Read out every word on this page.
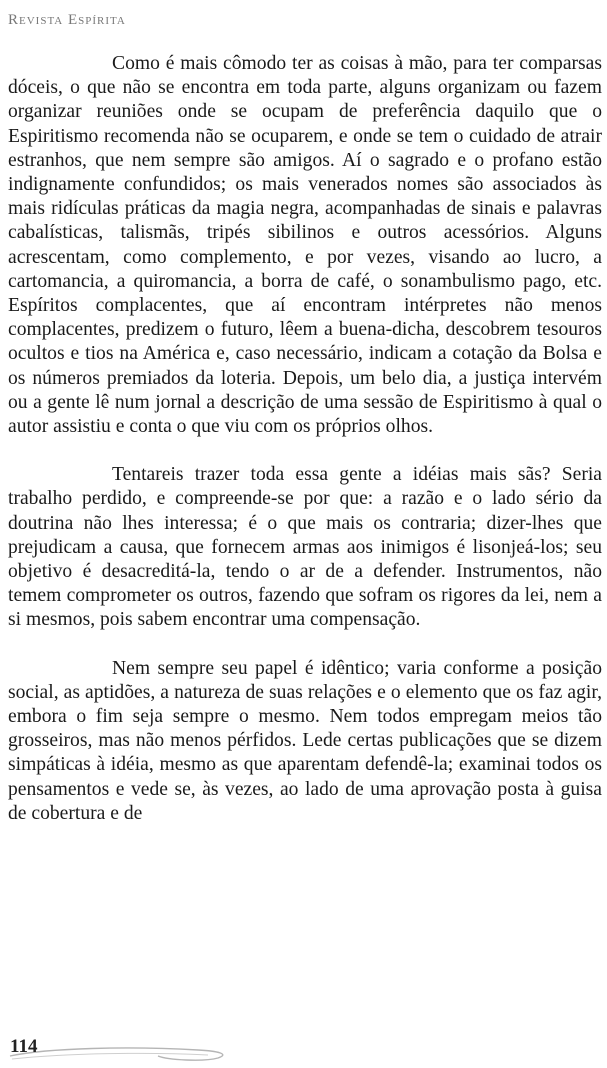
Revista Espírita

Como é mais cômodo ter as coisas à mão, para ter comparsas dóceis, o que não se encontra em toda parte, alguns organizam ou fazem organizar reuniões onde se ocupam de preferência daquilo que o Espiritismo recomenda não se ocuparem, e onde se tem o cuidado de atrair estranhos, que nem sempre são amigos. Aí o sagrado e o profano estão indignamente confundidos; os mais venerados nomes são associados às mais ridículas práticas da magia negra, acompanhadas de sinais e palavras cabalísticas, talismãs, tripés sibilinos e outros acessórios. Alguns acrescentam, como complemento, e por vezes, visando ao lucro, a cartomancia, a quiromancia, a borra de café, o sonambulismo pago, etc. Espíritos complacentes, que aí encontram intérpretes não menos complacentes, predizem o futuro, lêem a buena-dicha, descobrem tesouros ocultos e tios na América e, caso necessário, indicam a cotação da Bolsa e os números premiados da loteria. Depois, um belo dia, a justiça intervém ou a gente lê num jornal a descrição de uma sessão de Espiritismo à qual o autor assistiu e conta o que viu com os próprios olhos.

Tentareis trazer toda essa gente a idéias mais sãs? Seria trabalho perdido, e compreende-se por que: a razão e o lado sério da doutrina não lhes interessa; é o que mais os contraria; dizer-lhes que prejudicam a causa, que fornecem armas aos inimigos é lisonjeá-los; seu objetivo é desacreditá-la, tendo o ar de a defender. Instrumentos, não temem comprometer os outros, fazendo que sofram os rigores da lei, nem a si mesmos, pois sabem encontrar uma compensação.

Nem sempre seu papel é idêntico; varia conforme a posição social, as aptidões, a natureza de suas relações e o elemento que os faz agir, embora o fim seja sempre o mesmo. Nem todos empregam meios tão grosseiros, mas não menos pérfidos. Lede certas publicações que se dizem simpáticas à idéia, mesmo as que aparentam defendê-la; examinai todos os pensamentos e vede se, às vezes, ao lado de uma aprovação posta à guisa de cobertura e de

114
